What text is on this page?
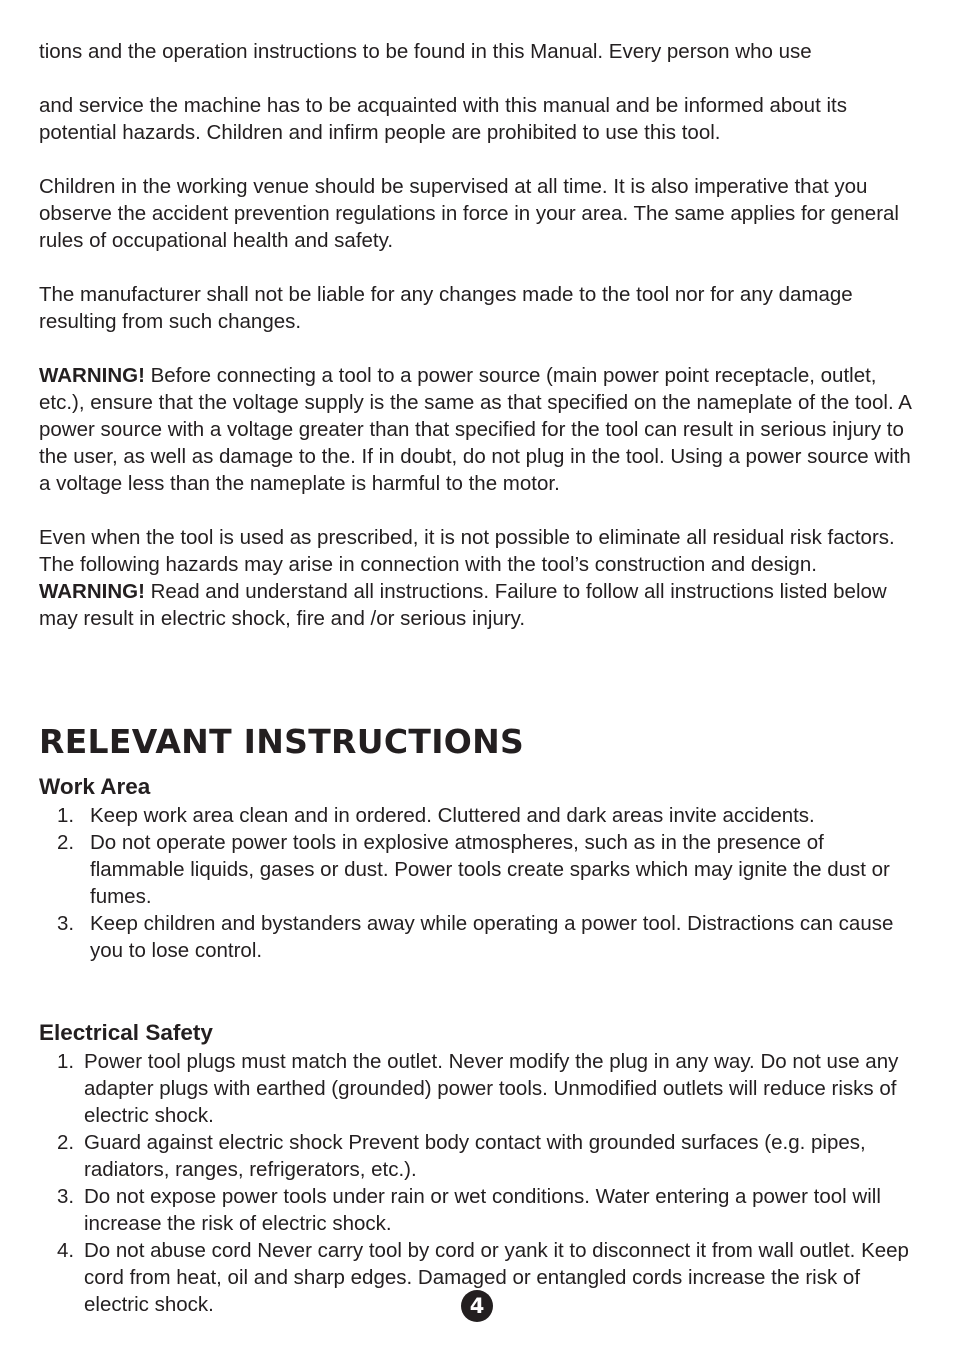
tions and the operation instructions to be found in this Manual. Every person who use

and service the machine has to be acquainted with this manual and be informed about its potential hazards. Children and infirm people are prohibited to use this tool.

Children in the working venue should be supervised at all time. It is also imperative that you observe the accident prevention regulations in force in your area. The same applies for general rules of occupational health and safety.

The manufacturer shall not be liable for any changes made to the tool nor for any damage resulting from such changes.

WARNING! Before connecting a tool to a power source (main power point receptacle, outlet, etc.), ensure that the voltage supply is the same as that specified on the nameplate of the tool. A power source with a voltage greater than that specified for the tool can result in serious injury to the user, as well as damage to the. If in doubt, do not plug in the tool. Using a power source with a voltage less than the nameplate is harmful to the motor.

Even when the tool is used as prescribed, it is not possible to eliminate all residual risk factors. The following hazards may arise in connection with the tool’s construction and design.

WARNING! Read and understand all instructions. Failure to follow all instructions listed below may result in electric shock, fire and /or serious injury.

RELEVANT INSTRUCTIONS
Work Area
1. Keep work area clean and in ordered. Cluttered and dark areas invite accidents.
2. Do not operate power tools in explosive atmospheres, such as in the presence of flammable liquids, gases or dust. Power tools create sparks which may ignite the dust or fumes.
3. Keep children and bystanders away while operating a power tool. Distractions can cause you to lose control.
Electrical Safety
1. Power tool plugs must match the outlet. Never modify the plug in any way. Do not use any adapter plugs with earthed (grounded) power tools. Unmodified outlets will reduce risks of electric shock.
2. Guard against electric shock Prevent body contact with grounded surfaces (e.g. pipes, radiators, ranges, refrigerators, etc.).
3. Do not expose power tools under rain or wet conditions. Water entering a power tool will increase the risk of electric shock.
4. Do not abuse cord Never carry tool by cord or yank it to disconnect it from wall outlet. Keep cord from heat, oil and sharp edges. Damaged or entangled cords increase the risk of electric shock.	4
